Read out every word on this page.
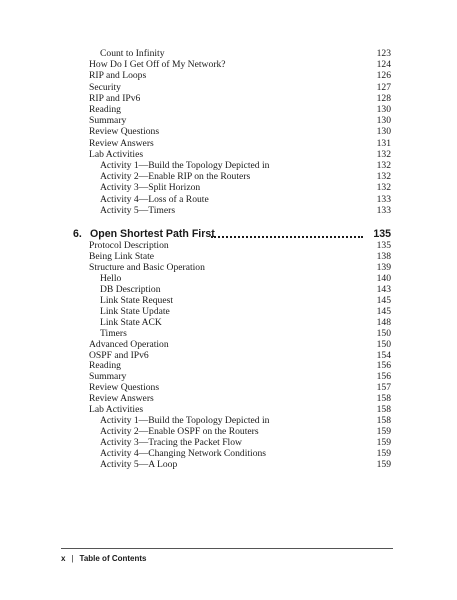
Count to Infinity	123
How Do I Get Off of My Network?	124
RIP and Loops	126
Security	127
RIP and IPv6	128
Reading	130
Summary	130
Review Questions	130
Review Answers	131
Lab Activities	132
Activity 1—Build the Topology Depicted in	132
Activity 2—Enable RIP on the Routers	132
Activity 3—Split Horizon	132
Activity 4—Loss of a Route	133
Activity 5—Timers	133
6. Open Shortest Path First	135
Protocol Description	135
Being Link State	138
Structure and Basic Operation	139
Hello	140
DB Description	143
Link State Request	145
Link State Update	145
Link State ACK	148
Timers	150
Advanced Operation	150
OSPF and IPv6	154
Reading	156
Summary	156
Review Questions	157
Review Answers	158
Lab Activities	158
Activity 1—Build the Topology Depicted in	158
Activity 2—Enable OSPF on the Routers	159
Activity 3—Tracing the Packet Flow	159
Activity 4—Changing Network Conditions	159
Activity 5—A Loop	159
x | Table of Contents
